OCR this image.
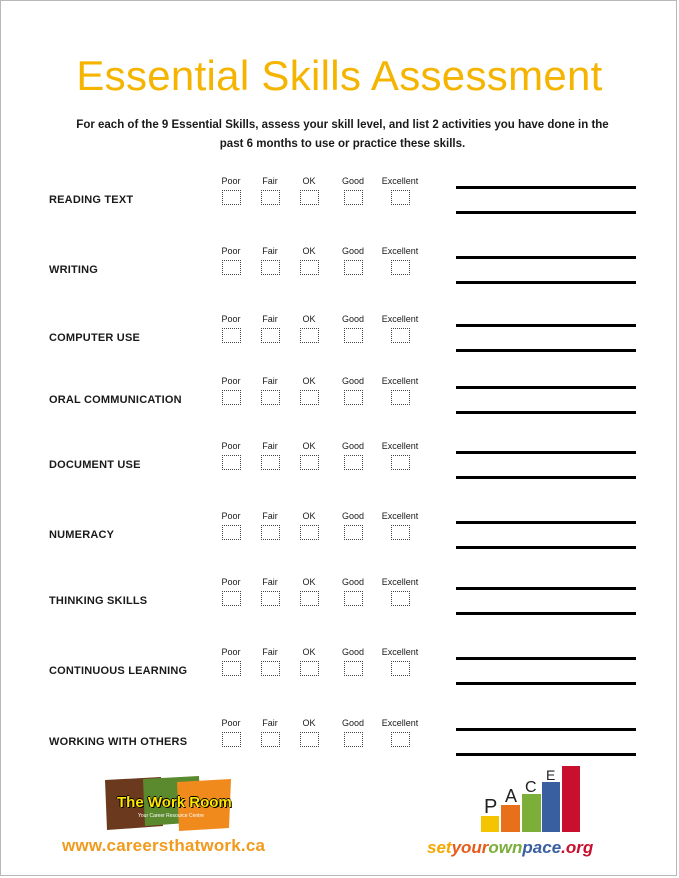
Essential Skills Assessment

For each of the 9 Essential Skills, assess your skill level, and list 2 activities you have done in the
past 6 months to use or practice these skills.

READING TEXT
Poor	Fair	OK	Good	Excellent
WRITING
Poor	Fair	OK	Good	Excellent
COMPUTER USE
Poor	Fair	OK	Good	Excellent
ORAL COMMUNICATION
Poor	Fair	OK	Good	Excellent
DOCUMENT USE
Poor	Fair	OK	Good	Excellent
NUMERACY
Poor	Fair	OK	Good	Excellent
THINKING SKILLS
Poor	Fair	OK	Good	Excellent
CONTINUOUS LEARNING
Poor	Fair	OK	Good	Excellent
WORKING WITH OTHERS
Poor	Fair	OK	Good	Excellent
The Work Room
Your Career Resource Centre
www.careersthatwork.ca
P A C
E
setyourownpace.org
